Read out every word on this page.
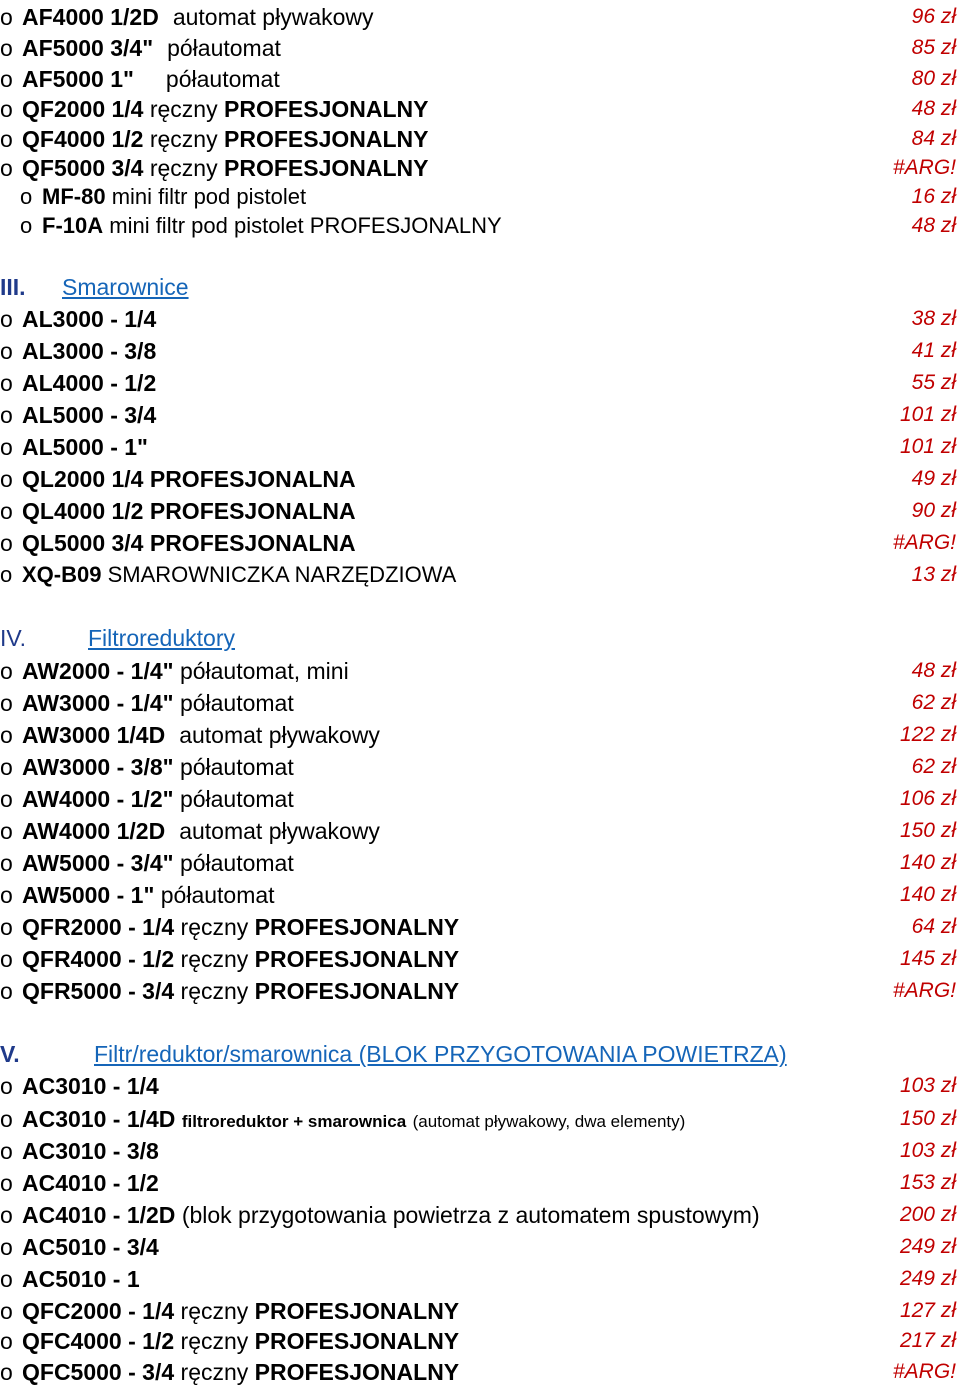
o AF4000 1/2D automat pływakowy	96 zł
o AF5000 3/4" półautomat	85 zł
o AF5000 1" półautomat	80 zł
o QF2000 1/4 ręczny PROFESJONALNY	48 zł
o QF4000 1/2 ręczny PROFESJONALNY	84 zł
o QF5000 3/4 ręczny PROFESJONALNY	#ARG!
o MF-80 mini filtr pod pistolet	16 zł
o F-10A mini filtr pod pistolet PROFESJONALNY	48 zł
III. Smarownice
o AL3000 - 1/4	38 zł
o AL3000 - 3/8	41 zł
o AL4000 - 1/2	55 zł
o AL5000 - 3/4	101 zł
o AL5000 - 1"	101 zł
o QL2000 1/4 PROFESJONALNA	49 zł
o QL4000 1/2 PROFESJONALNA	90 zł
o QL5000 3/4 PROFESJONALNA	#ARG!
o XQ-B09 SMAROWNICZKA NARZĘDZIOWA	13 zł
IV.	Filtroreduktory
o AW2000 - 1/4" półautomat, mini	48 zł
o AW3000 - 1/4" półautomat	62 zł
o AW3000 1/4D automat pływakowy	122 zł
o AW3000 - 3/8" półautomat	62 zł
o AW4000 - 1/2" półautomat	106 zł
o AW4000 1/2D automat pływakowy	150 zł
o AW5000 - 3/4" półautomat	140 zł
o AW5000 - 1" półautomat	140 zł
o QFR2000 - 1/4 ręczny PROFESJONALNY	64 zł
o QFR4000 - 1/2 ręczny PROFESJONALNY	145 zł
o QFR5000 - 3/4 ręczny PROFESJONALNY	#ARG!
V.	Filtr/reduktor/smarownica (BLOK PRZYGOTOWANIA POWIETRZA)
o AC3010 - 1/4	103 zł
o AC3010 - 1/4D filtroreduktor + smarownica (automat pływakowy, dwa elementy)	150 zł
o AC3010 - 3/8	103 zł
o AC4010 - 1/2	153 zł
o AC4010 - 1/2D (blok przygotowania powietrza z automatem spustowym)	200 zł
o AC5010 - 3/4	249 zł
o AC5010 - 1	249 zł
o QFC2000 - 1/4 ręczny PROFESJONALNY	127 zł
o QFC4000 - 1/2 ręczny PROFESJONALNY	217 zł
o QFC5000 - 3/4 ręczny PROFESJONALNY	#ARG!
